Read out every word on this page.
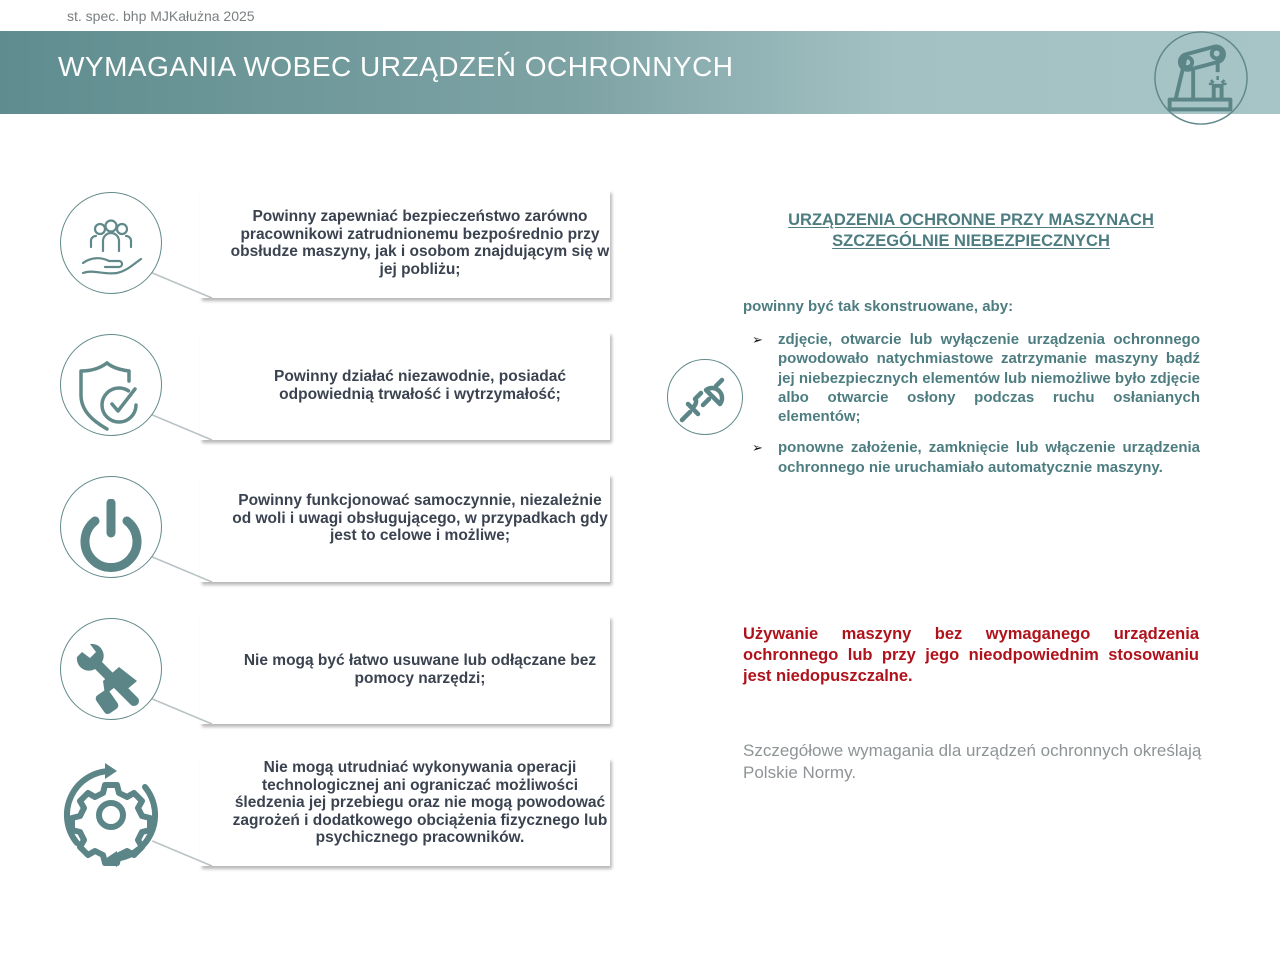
st. spec. bhp MJKałużna 2025
WYMAGANIA WOBEC URZĄDZEŃ OCHRONNYCH
Powinny zapewniać bezpieczeństwo zarówno pracownikowi zatrudnionemu bezpośrednio przy obsłudze maszyny, jak i osobom znajdującym się w jej pobliżu;
Powinny działać niezawodnie, posiadać odpowiednią trwałość i wytrzymałość;
Powinny funkcjonować samoczynnie, niezależnie od woli i uwagi obsługującego, w przypadkach gdy jest to celowe i możliwe;
Nie mogą być łatwo usuwane lub odłączane bez pomocy narzędzi;
Nie mogą utrudniać wykonywania operacji technologicznej ani ograniczać możliwości śledzenia jej przebiegu oraz nie mogą powodować zagrożeń i dodatkowego obciążenia fizycznego lub psychicznego pracowników.
URZĄDZENIA OCHRONNE PRZY MASZYNACH
SZCZEGÓLNIE NIEBEZPIECZNYCH
powinny być tak skonstruowane, aby:
➢ zdjęcie, otwarcie lub wyłączenie urządzenia ochronnego powodowało natychmiastowe zatrzymanie maszyny bądź jej niebezpiecznych elementów lub niemożliwe było zdjęcie albo otwarcie osłony podczas ruchu osłanianych elementów;
➢ ponowne założenie, zamknięcie lub włączenie urządzenia ochronnego nie uruchamiało automatycznie maszyny.
Używanie maszyny bez wymaganego urządzenia ochronnego lub przy jego nieodpowiednim stosowaniu jest niedopuszczalne.
Szczegółowe wymagania dla urządzeń ochronnych określają Polskie Normy.
